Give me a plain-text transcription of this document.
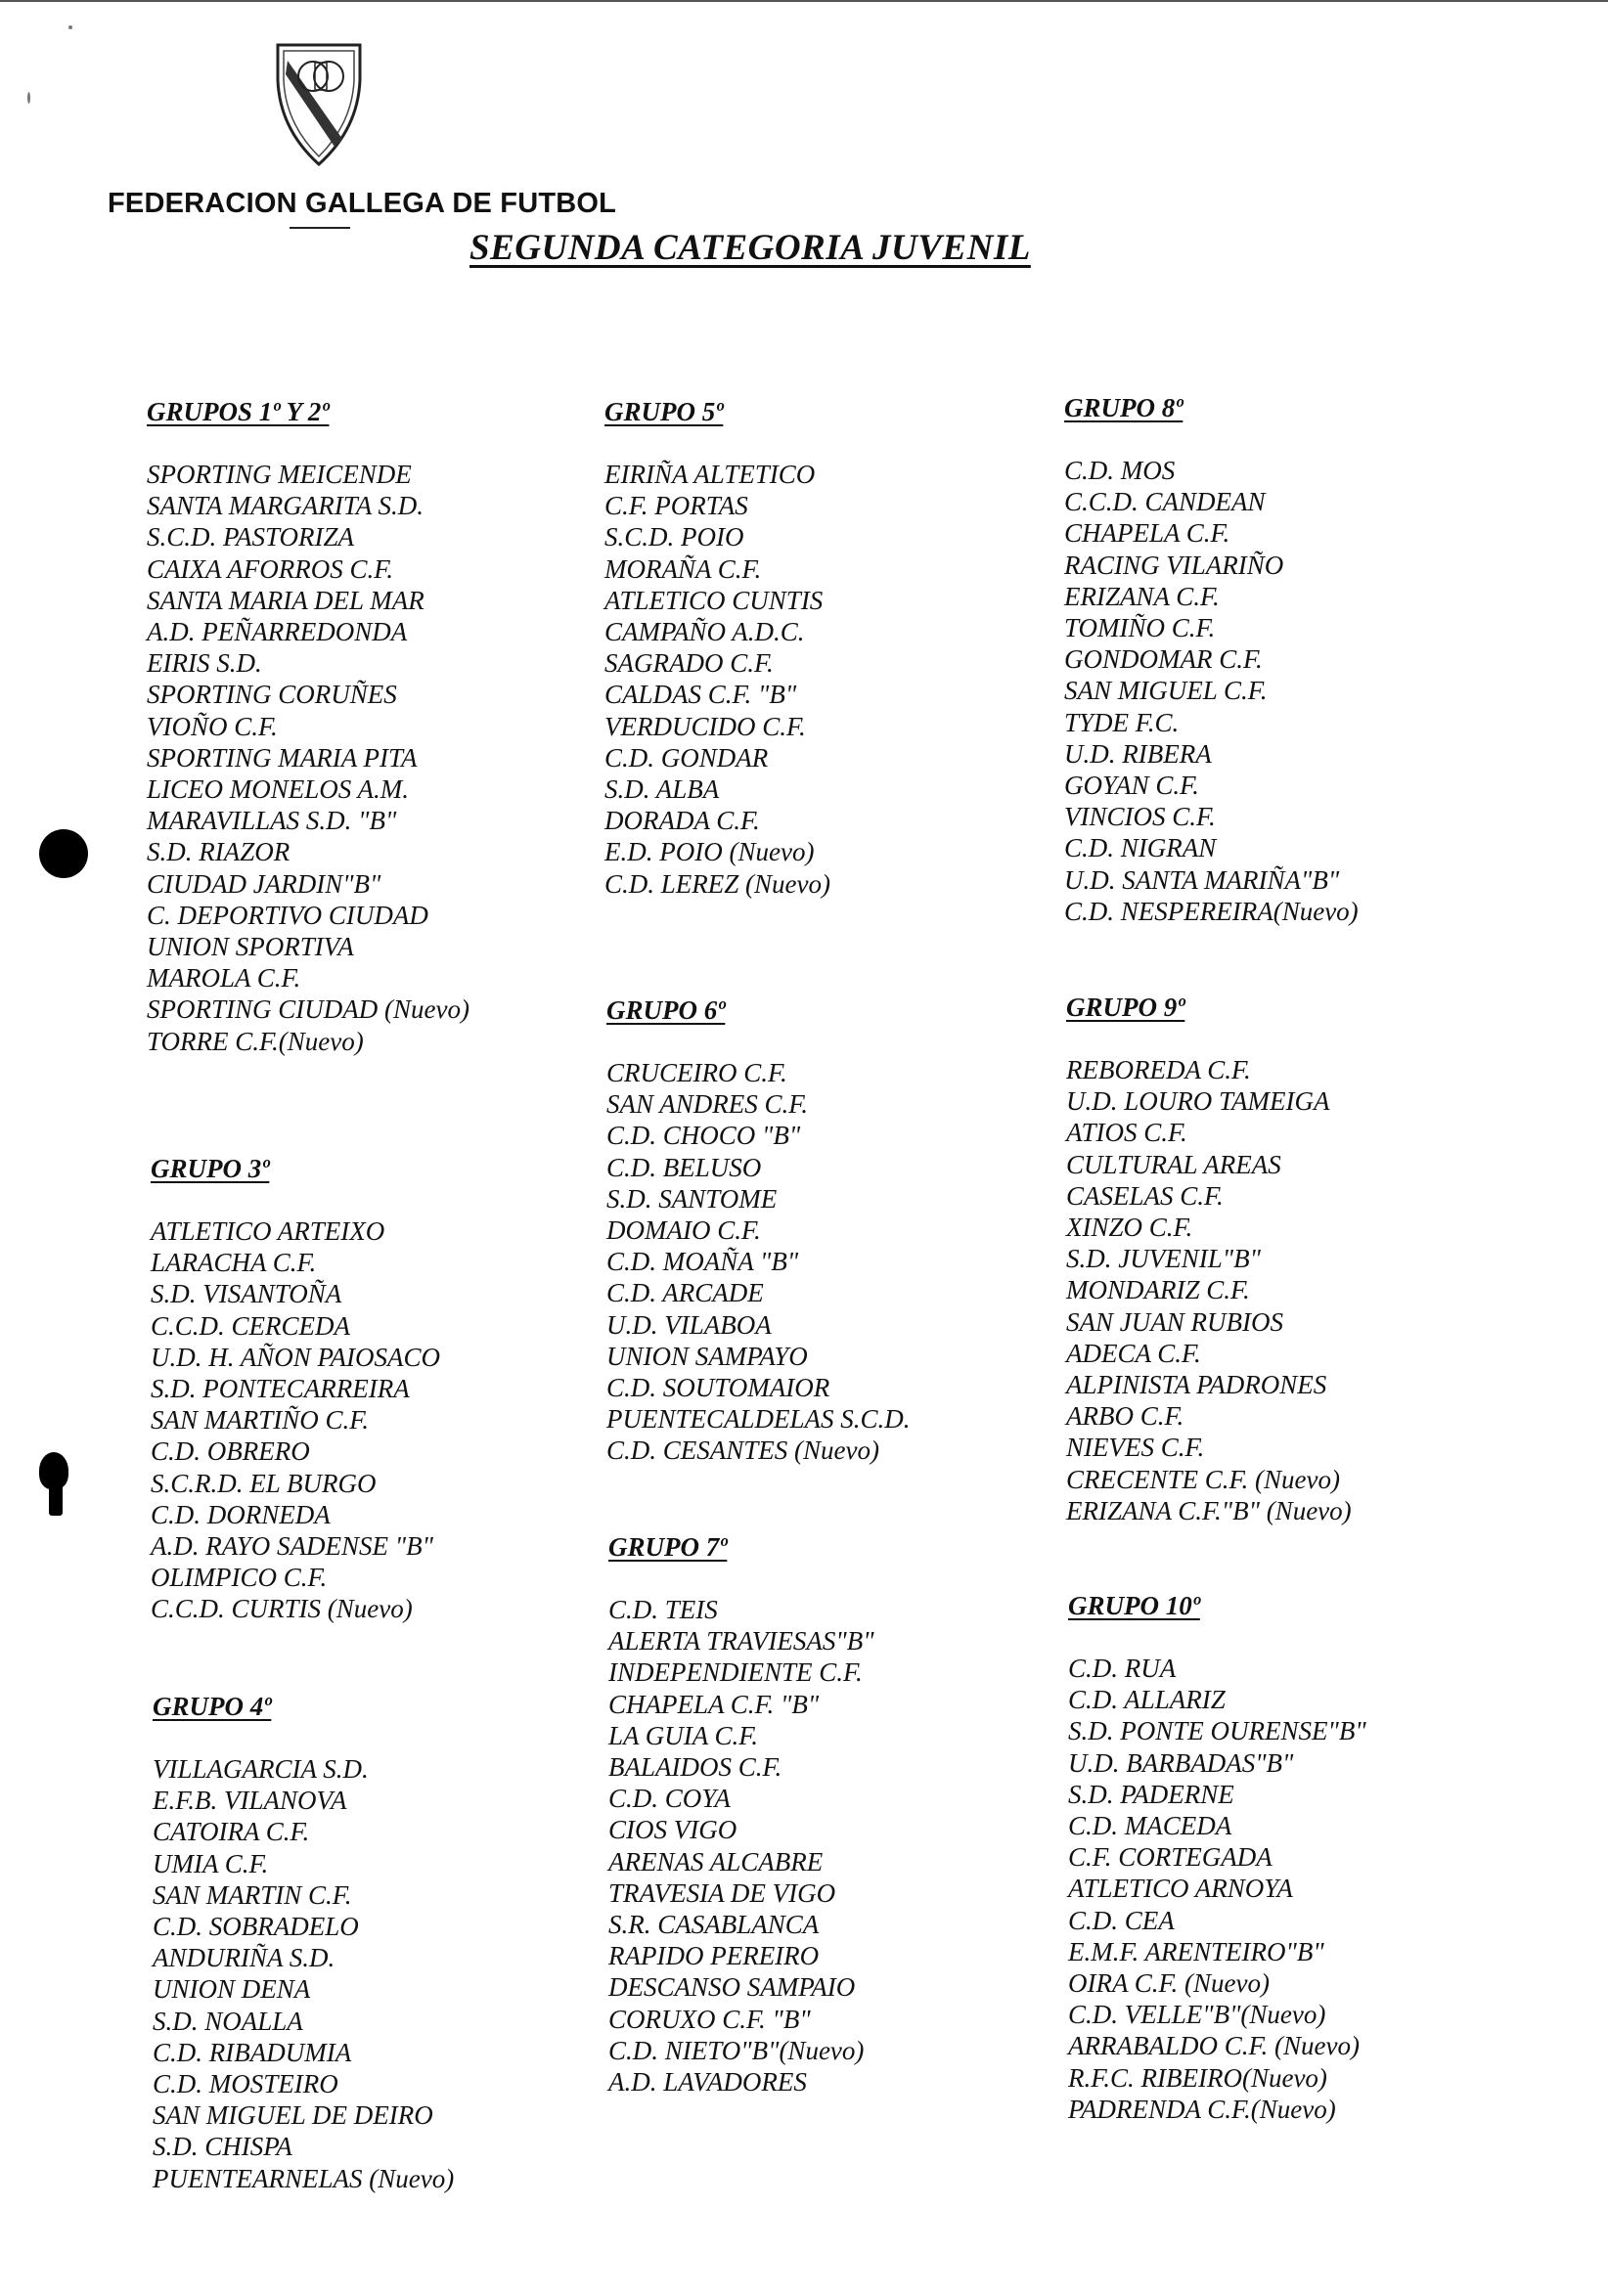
FEDERACION GALLEGA DE FUTBOL
SEGUNDA CATEGORIA JUVENIL
GRUPOS 1º Y 2º
SPORTING MEICENDE
SANTA MARGARITA S.D.
S.C.D. PASTORIZA
CAIXA AFORROS C.F.
SANTA MARIA DEL MAR
A.D. PEÑARREDONDA
EIRIS S.D.
SPORTING CORUÑES
VIOÑO C.F.
SPORTING MARIA PITA
LICEO MONELOS A.M.
MARAVILLAS S.D. "B"
S.D. RIAZOR
CIUDAD JARDIN"B"
C. DEPORTIVO CIUDAD
UNION SPORTIVA
MAROLA C.F.
SPORTING CIUDAD (Nuevo)
TORRE C.F.(Nuevo)
GRUPO 3º
ATLETICO ARTEIXO
LARACHA C.F.
S.D. VISANTOÑA
C.C.D. CERCEDA
U.D. H. AÑON PAIOSACO
S.D. PONTECARREIRA
SAN MARTIÑO C.F.
C.D. OBRERO
S.C.R.D. EL BURGO
C.D. DORNEDA
A.D. RAYO SADENSE "B"
OLIMPICO C.F.
C.C.D. CURTIS (Nuevo)
GRUPO 4º
VILLAGARCIA S.D.
E.F.B. VILANOVA
CATOIRA C.F.
UMIA C.F.
SAN MARTIN C.F.
C.D. SOBRADELO
ANDURIÑA S.D.
UNION DENA
S.D. NOALLA
C.D. RIBADUMIA
C.D. MOSTEIRO
SAN MIGUEL DE DEIRO
S.D. CHISPA
PUENTEARNELAS (Nuevo)
GRUPO 5º
EIRIÑA ALTETICO
C.F. PORTAS
S.C.D. POIO
MORAÑA C.F.
ATLETICO CUNTIS
CAMPAÑO A.D.C.
SAGRADO C.F.
CALDAS C.F. "B"
VERDUCIDO C.F.
C.D. GONDAR
S.D. ALBA
DORADA C.F.
E.D. POIO (Nuevo)
C.D. LEREZ (Nuevo)
GRUPO 6º
CRUCEIRO C.F.
SAN ANDRES C.F.
C.D. CHOCO "B"
C.D. BELUSO
S.D. SANTOME
DOMAIO C.F.
C.D. MOAÑA "B"
C.D. ARCADE
U.D. VILABOA
UNION SAMPAYO
C.D. SOUTOMAIOR
PUENTECALDELAS S.C.D.
C.D. CESANTES (Nuevo)
GRUPO 7º
C.D. TEIS
ALERTA TRAVIESAS"B"
INDEPENDIENTE C.F.
CHAPELA C.F. "B"
LA GUIA C.F.
BALAIDOS C.F.
C.D. COYA
CIOS VIGO
ARENAS ALCABRE
TRAVESIA DE VIGO
S.R. CASABLANCA
RAPIDO PEREIRO
DESCANSO SAMPAIO
CORUXO C.F. "B"
C.D. NIETO"B"(Nuevo)
A.D. LAVADORES
GRUPO 8º
C.D. MOS
C.C.D. CANDEAN
CHAPELA C.F.
RACING VILARIÑO
ERIZANA C.F.
TOMIÑO C.F.
GONDOMAR C.F.
SAN MIGUEL C.F.
TYDE F.C.
U.D. RIBERA
GOYAN C.F.
VINCIOS C.F.
C.D. NIGRAN
U.D. SANTA MARIÑA"B"
C.D. NESPEREIRA(Nuevo)
GRUPO 9º
REBOREDA C.F.
U.D. LOURO TAMEIGA
ATIOS C.F.
CULTURAL AREAS
CASELAS C.F.
XINZO C.F.
S.D. JUVENIL"B"
MONDARIZ C.F.
SAN JUAN RUBIOS
ADECA C.F.
ALPINISTA PADRONES
ARBO C.F.
NIEVES C.F.
CRECENTE C.F. (Nuevo)
ERIZANA C.F."B" (Nuevo)
GRUPO 10º
C.D. RUA
C.D. ALLARIZ
S.D. PONTE OURENSE"B"
U.D. BARBADAS"B"
S.D. PADERNE
C.D. MACEDA
C.F. CORTEGADA
ATLETICO ARNOYA
C.D. CEA
E.M.F. ARENTEIRO"B"
OIRA C.F. (Nuevo)
C.D. VELLE"B"(Nuevo)
ARRABALDO C.F. (Nuevo)
R.F.C. RIBEIRO(Nuevo)
PADRENDA C.F.(Nuevo)
